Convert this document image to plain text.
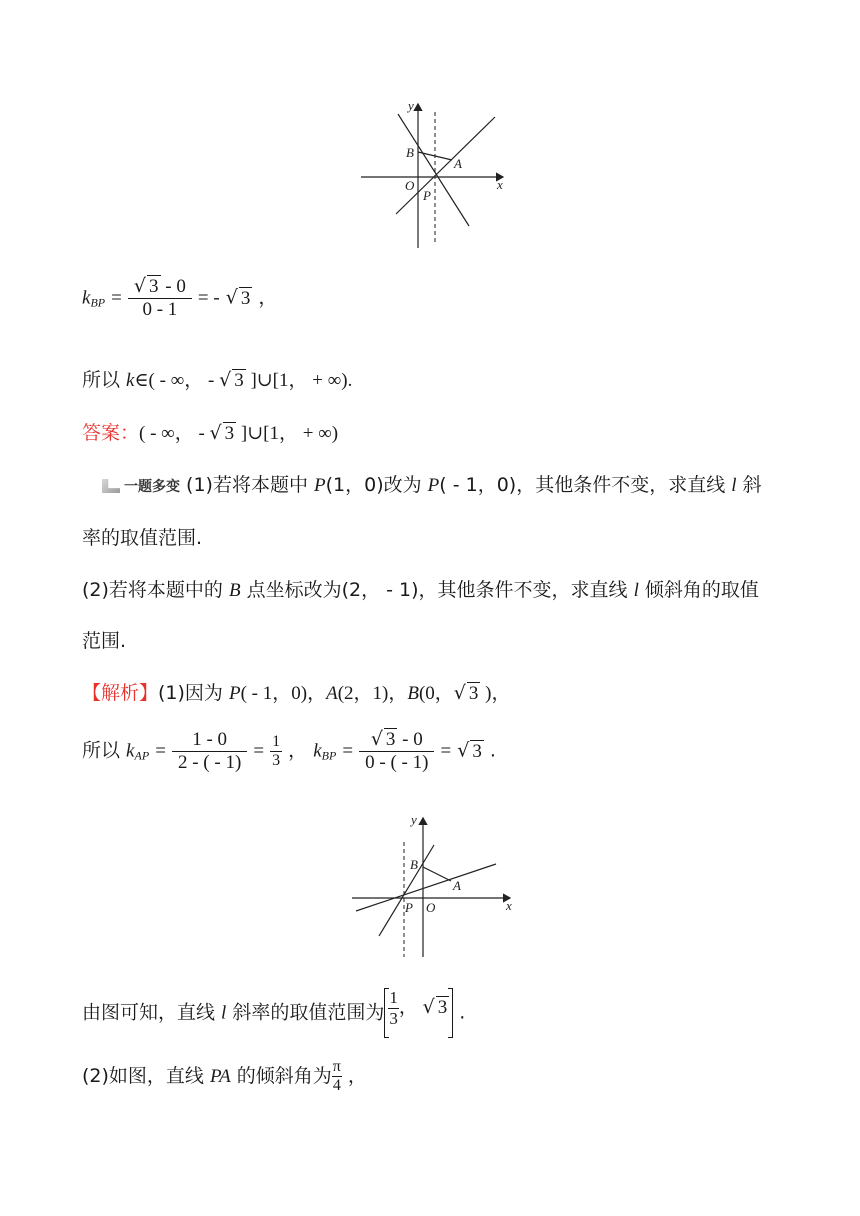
y
x
B
A
O
P
$k_{BP} = \frac{√ 3 - 0}{0 - 1}$ = - √ 3 ，
所以 k∈( - ∞， - √ 3 ]∪[1， + ∞).
答案：( - ∞， - √ 3 ]∪[1， + ∞)
一题多变 (1)若将本题中 P(1，0)改为 P( - 1，0)，其他条件不变，求直线 l 斜
率的取值范围.
(2)若将本题中的 B 点坐标改为(2， - 1)，其他条件不变，求直线 l 倾斜角的取值
范围.
【解析】(1)因为 P( - 1，0)，A(2，1)，B(0，√ 3 )，
所以 $k_{AP} = \frac{1 - 0}{2 - ( - 1)} = \frac{1}{3}$ ， $k_{BP} = \frac{√ 3 - 0}{0 - ( - 1)}$ = √ 3 .
y
x
B
A
O
P
由图可知，直线 l 斜率的取值范围为 $\frac{1}{3}$ ， √ 3 .
(2)如图，直线 PA 的倾斜角为 $\frac{\pi}{4}$ ，
